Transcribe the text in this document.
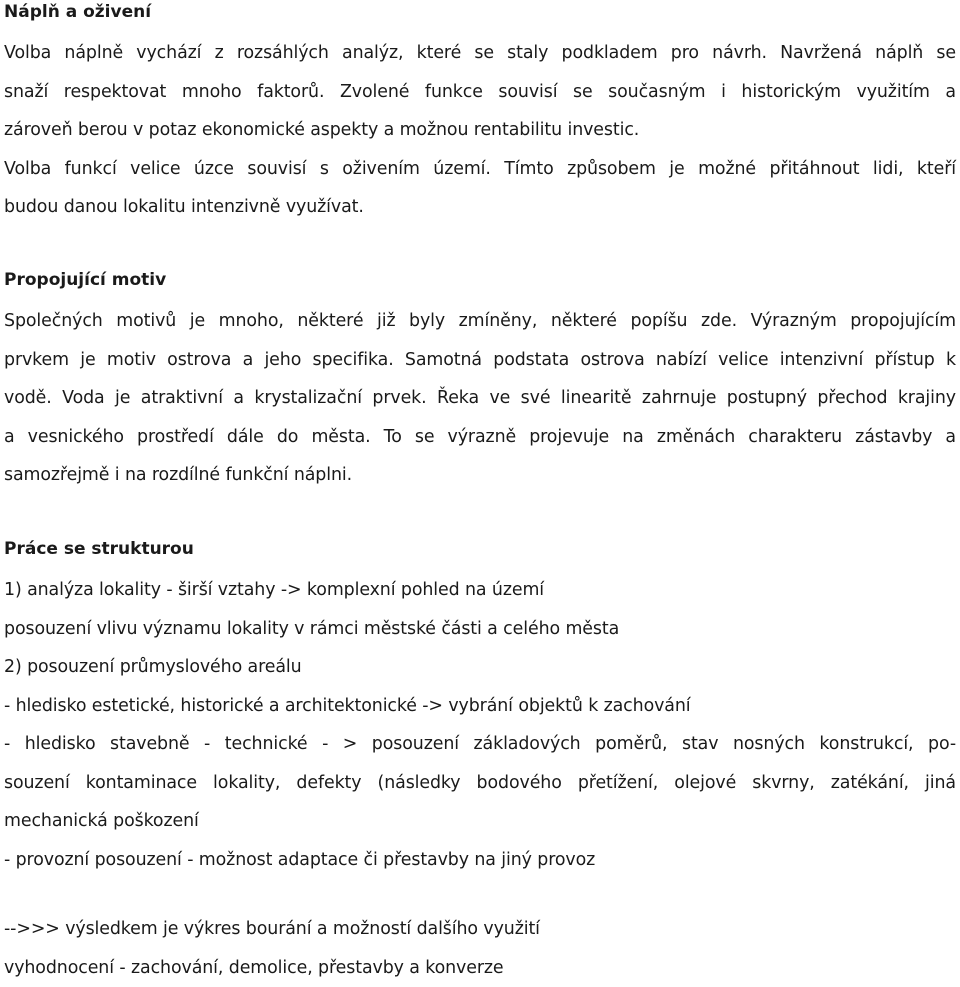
Náplň a oživení
Volba náplně vychází z rozsáhlých analýz, které se staly podkladem pro návrh. Navržená náplň se
snaží respektovat mnoho faktorů. Zvolené funkce souvisí se současným i historickým využitím a
zároveň berou v potaz ekonomické aspekty a možnou rentabilitu investic.
Volba funkcí velice úzce souvisí s oživením území. Tímto způsobem je možné přitáhnout lidi, kteří
budou danou lokalitu intenzivně využívat.
Propojující motiv
Společných motivů je mnoho, některé již byly zmíněny, některé popíšu zde. Výrazným propojujícím
prvkem je motiv ostrova a jeho specifika. Samotná podstata ostrova nabízí velice intenzivní přístup k
vodě. Voda je atraktivní a krystalizační prvek. Řeka ve své linearitě zahrnuje postupný přechod krajiny
a vesnického prostředí dále do města. To se výrazně projevuje na změnách charakteru zástavby a
samozřejmě i na rozdílné funkční náplni.
Práce se strukturou
1) analýza lokality - širší vztahy -> komplexní pohled na území
posouzení vlivu významu lokality v rámci městské části a celého města
2) posouzení průmyslového areálu
- hledisko estetické, historické a architektonické -> vybrání objektů k zachování
- hledisko stavebně - technické - > posouzení základových poměrů, stav nosných konstrukcí, po-
souzení kontaminace lokality, defekty (následky bodového přetížení, olejové skvrny, zatékání, jiná
mechanická poškození
- provozní posouzení - možnost adaptace či přestavby na jiný provoz
-->>> výsledkem je výkres bourání a možností dalšího využití
vyhodnocení - zachování, demolice, přestavby a konverze
